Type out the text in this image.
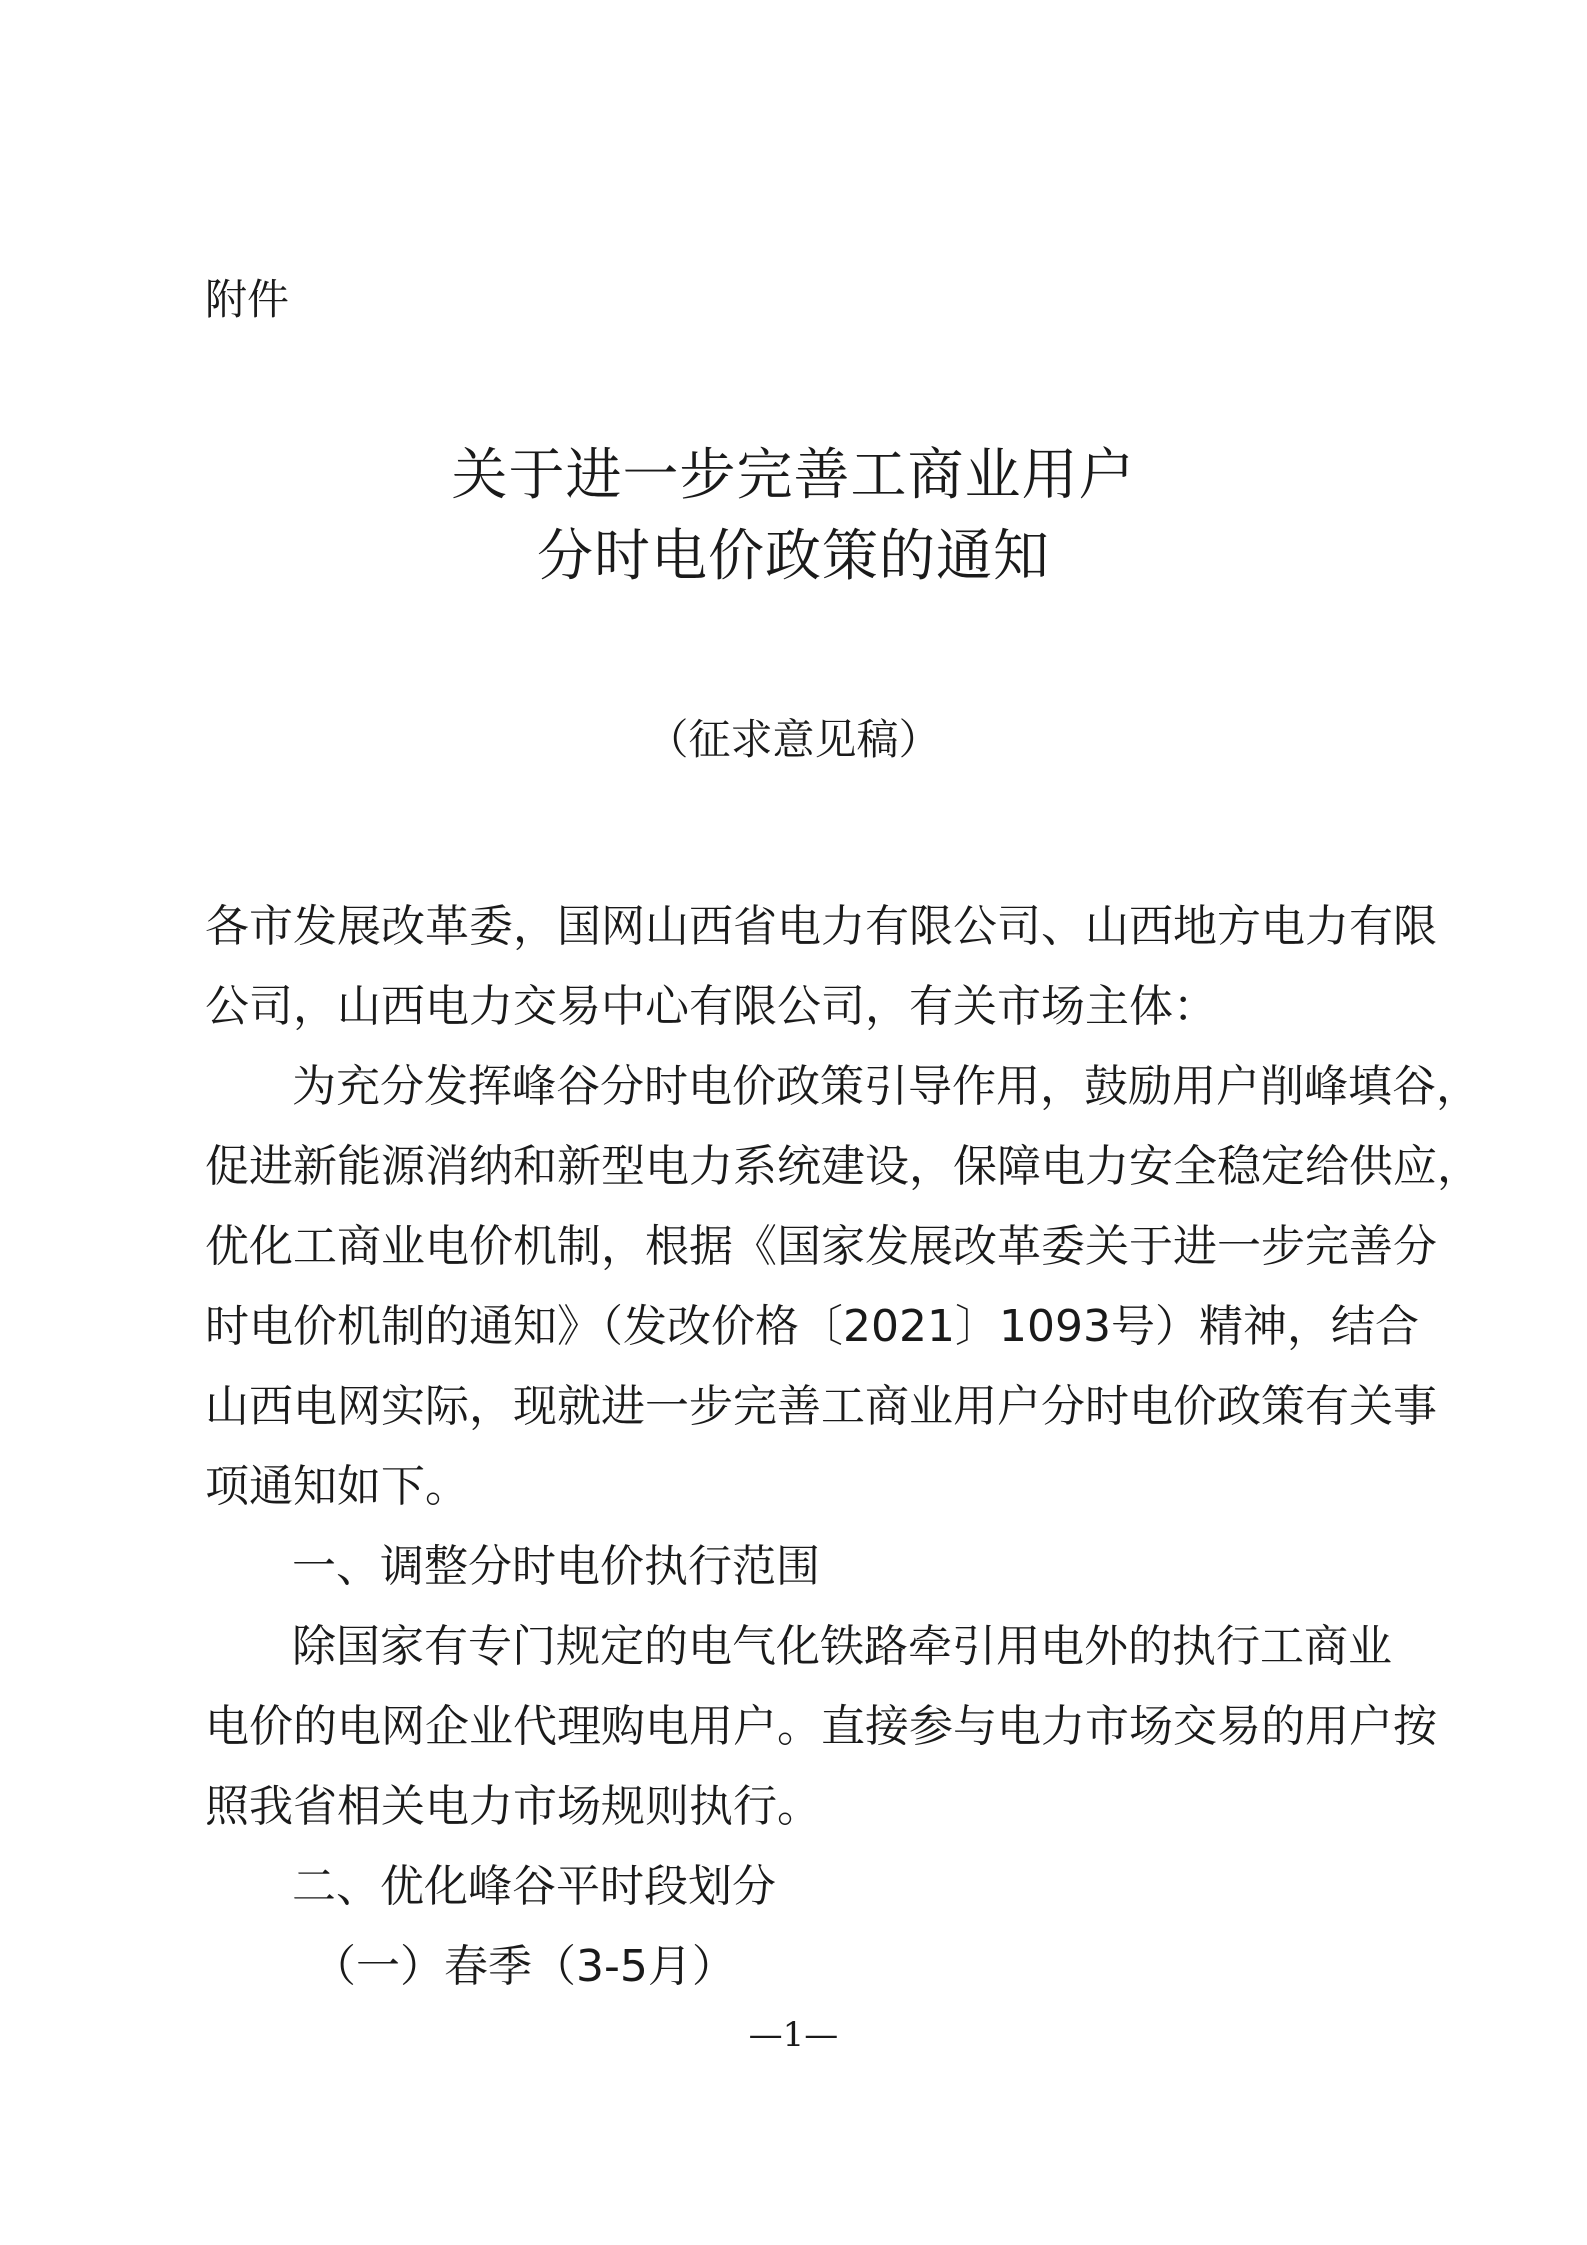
附件

关于进一步完善工商业用户
分时电价政策的通知

（征求意见稿）

各市发展改革委，国网山西省电力有限公司、山西地方电力有限

公司，山西电力交易中心有限公司，有关市场主体：

为充分发挥峰谷分时电价政策引导作用，鼓励用户削峰填谷，

促进新能源消纳和新型电力系统建设，保障电力安全稳定给供应，

优化工商业电价机制，根据《国家发展改革委关于进一步完善分

时电价机制的通知》（发改价格〔2021〕1093号）精神，结合

山西电网实际，现就进一步完善工商业用户分时电价政策有关事

项通知如下。

一、调整分时电价执行范围

除国家有专门规定的电气化铁路牵引用电外的执行工商业

电价的电网企业代理购电用户。直接参与电力市场交易的用户按

照我省相关电力市场规则执行。

二、优化峰谷平时段划分

（一）春季（3-5月）

—1—
